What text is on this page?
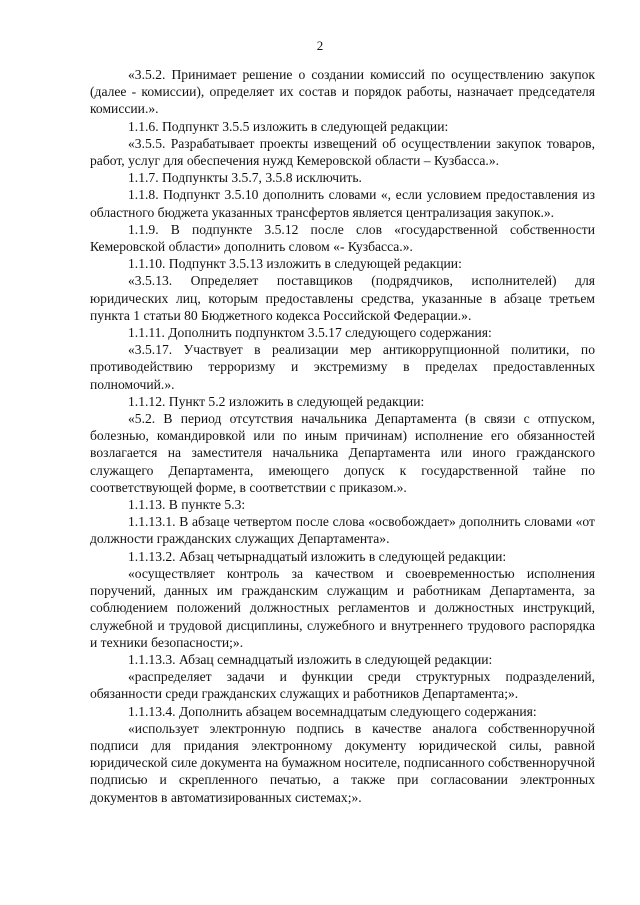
2

«3.5.2. Принимает решение о создании комиссий по осуществлению закупок (далее - комиссии), определяет их состав и порядок работы, назначает председателя комиссии.».

1.1.6. Подпункт 3.5.5 изложить в следующей редакции:

«3.5.5. Разрабатывает проекты извещений об осуществлении закупок товаров, работ, услуг для обеспечения нужд Кемеровской области – Кузбасса.».

1.1.7. Подпункты 3.5.7, 3.5.8 исключить.

1.1.8. Подпункт 3.5.10 дополнить словами «, если условием предоставления из областного бюджета указанных трансфертов является централизация закупок.».

1.1.9. В подпункте 3.5.12 после слов «государственной собственности Кемеровской области» дополнить словом «- Кузбасса.».

1.1.10. Подпункт 3.5.13 изложить в следующей редакции:

«3.5.13. Определяет поставщиков (подрядчиков, исполнителей) для юридических лиц, которым предоставлены средства, указанные в абзаце третьем пункта 1 статьи 80 Бюджетного кодекса Российской Федерации.».

1.1.11. Дополнить подпунктом 3.5.17 следующего содержания:

«3.5.17. Участвует в реализации мер антикоррупционной политики, по противодействию терроризму и экстремизму в пределах предоставленных полномочий.».

1.1.12. Пункт 5.2 изложить в следующей редакции:

«5.2. В период отсутствия начальника Департамента (в связи с отпуском, болезнью, командировкой или по иным причинам) исполнение его обязанностей возлагается на заместителя начальника Департамента или иного гражданского служащего Департамента, имеющего допуск к государственной тайне по соответствующей форме, в соответствии с приказом.».

1.1.13. В пункте 5.3:

1.1.13.1. В абзаце четвертом после слова «освобождает» дополнить словами «от должности гражданских служащих Департамента».

1.1.13.2. Абзац четырнадцатый изложить в следующей редакции:

«осуществляет контроль за качеством и своевременностью исполнения поручений, данных им гражданским служащим и работникам Департамента, за соблюдением положений должностных регламентов и должностных инструкций, служебной и трудовой дисциплины, служебного и внутреннего трудового распорядка и техники безопасности;».

1.1.13.3. Абзац семнадцатый изложить в следующей редакции:

«распределяет задачи и функции среди структурных подразделений, обязанности среди гражданских служащих и работников Департамента;».

1.1.13.4. Дополнить абзацем восемнадцатым следующего содержания:

«использует электронную подпись в качестве аналога собственноручной подписи для придания электронному документу юридической силы, равной юридической силе документа на бумажном носителе, подписанного собственноручной подписью и скрепленного печатью, а также при согласовании электронных документов в автоматизированных системах;».
